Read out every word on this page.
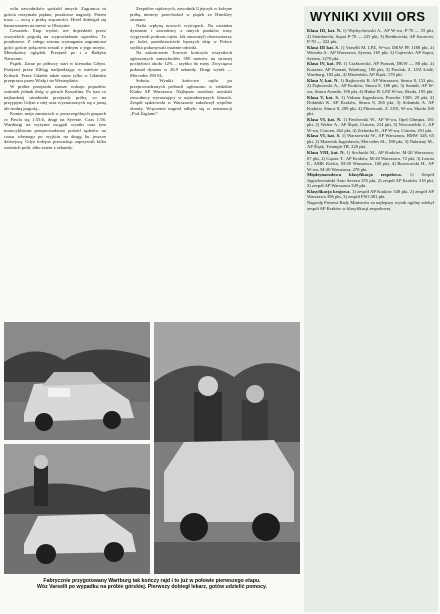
wilu zawodników spośród innych. Zagranica ni gościa otrzymała piękne, puszkowe nagrody. Potem trasa — nocą z próbą zręczności. Hotel dobiegał się hamowaniem na mecie w Olsztynie.

Czwartek. Etap wydać, nie dojeżdżali przez wszystkich pogodą na wypowiadanie ogrodów. To poudniowe. Z całego sezonu wymagania zagraniczni gości goście połączeni zostali z jednym z jego miejsc. Mieszkańcy oglądali. Przejazd po i z Bałtyku Naroczan.

Piątek. Zaraz po północy start w kierunku Gdyni. Przejazd przez Elbląg nadjeżdżając w mieście po Kokach. Przez Gdańsk także samo tylko w Gdańsku przeprawa przez Wisłę i na Westerplatte.

W próbie przejazdu starsze rodzaju pojazdów wskutek jednak dróg w górach Koszalina. Po tym co najbardziej utrudniała przejazdy próby, co na przyjętym Gdyni z niej oraz wyznaczonych się z jasną ale trudną pogodą...

Koniec maja zamiarach w poszczególnych grupach ro Pawla się 1:55.6, drugi na Syrenie. Czas 1:56. Wartburgi na wyżynie osiągali wyniki oraz tym motocyklistom przeprowadzono pośród sędziów na czasu własnego po wyjściu na drogę ku jeszcze dzisiejszą. Gdyż kolejno prowadząc zapisywali kilka ostatnich prób, albo zatem z sekundy.

Zespołów rajdowych, zawodnik Ujejczyk w kolejne próbę niestety przechodził w piątek ze Hinckley stratami.

Nafta wpłyną nowych wyścigach. Na ostatnim dystansie i zawodnicy z innych punktów trasy wygrywali podczas rajdu. Jak zauważyli obserwatorzy po kolei, przedstawiciele lepszych ekip w Polsce szybko pokonywali ostatnie odcinki.

Na zakończenie Tczewie kończyła wszystkich zgłoszonych samochodów 500 metrów na stromej pochyłości około 12% – szybko do mety. Zwycięzca pokonał dystans w 26.9 sekundy. Drugi wynik — Mercedes 190 SL.

Sobota. Wyniki końcowe rajdu po przeprowadzonych próbach ogłoszono w siedzibie Klubu AP Warszawa. Najlepsze rezultaty uzyskali zawodnicy wyruszający w najtrudniejszych klasach. Zespół sędziowski w Warszawie zakończył wspólne obrady. Wręczenie nagród odbyło się w restauracji „Pod Żaglami".

WYNIKI XVIII ORS

Klasa III, kat. N. 1) Wędrychowski A., AP W-wa, P-70 — 55 pkt, 2) Steinbrecht, Sopot P-70 — 225 pkt, 3) Bieńkowski, AP Szczecin, P-70 — 322 pkt.

Klasa III kat. S. 1) Varselli M. LPZ, W-wa, DKW FE 1188 pkt, 2) Wierzba S., AP Warszawa, Syrena, 165 pkt, 3) Gajewski, AP Sopot, Syrena, 1276 pkt.

Klasa IV, kat. IV. 1) Ciaźkowski, AP Poznań, DKW — 88 pkt, 2) Kuszner, AP Poznań, Wartburg, 180 pkt, 3) Pawlak, Z. LPZ Łódź, Wartburg, 182 pkt, 4) Mieżeński, AP Śląsk, 170 pkt.

Klasa V, kat. N. 1) Rajkowski B. AP Warszawa, Simca 8, 152 pkt, 2) Dąbrowski A., AP Kraków, Simca 8, 180 pkt, 3) Szmidt, AP W-wa, Simca Aronde, 190 pkt, 4) Huber B. LPZ W-wa, Skoda, 195 pkt.

Klasa V, kat. S. 1) Vidmar Jugosławia, Porsche 1300, 20 pkt, 2) Dobiński K. AP Kraków, Simca 8, 265 pkt, 3) Sobański A. AP Kraków, Simca 8, 289 pkt, 4) Flinerczak, Z. LPZ, W-wa, Skoda 160 pkt.

Klasa VI, kat. N. 1) Pawłowski W., AP W-wa, Opel Olimpia, 181 pkt, 2) Walter A., AP Śląsk, Citroen, 214 pkt, 3) Nowosielski J., AP W-wa, Citroen, 262 pkt, 4) Zielonka R., AP W-wa, Citroen, 291 pkt.

Klasa VI, kat. S. 1) Warszewski W., AP Warszawa, BMW 328, 65 pkt, 2) Materiak Jugosławia, Mercedes SL, 188 pkt, 3) Nabożny M., AP Śląsk, Triumph TR, 220 pkt.

Klasa VIII, kat. N. 1) Sochacki M., AP Kraków, M-20 Warszawa, 67 pkt, 2) Gąsior T., AP Kraków, M-20 Warszawa, 72 pkt, 3) Lasota E., AMK Kielce, M-20 Warszawa, 160 pkt, 4) Brzozowski H., AP W-wa, M-20 Warszawa, 270 pkt.

Międzynarodowa klasyfikacja zespołowa. 1) Zespół Jugosłowiański Auto Saveza 255 pkt, 2) zespół AP Kraków 318 pkt, 3) zespół AP Warszawa 329 pkt.

Klasyfikacja krajowa. 1) zespół AP Kraków 348 pkt, 2) zespół AP Warszawa 396 pkt, 3) zespół FSO 481 pkt.

Nagrodę Prezesa Rady Ministrów za najlepszy wynik ogólny zdobył zespół AP Kraków w klasyfikacji zespołowej.

Fabrycznie przygotowany Wartburg tak kończy rajd i to już w połowie pierwszego etapu.
Wóz Varselli po wypadku na próbie górskiej. Pierwszy dobiegł lekarz, gotów udzielić pomocy.
